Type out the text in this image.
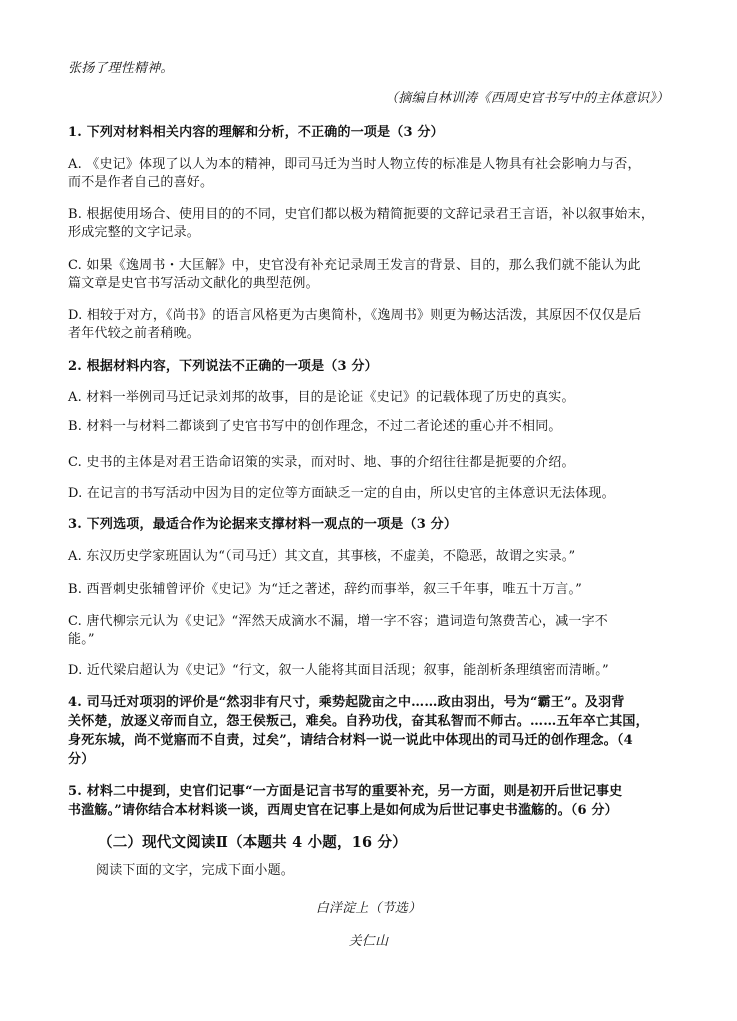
张扬了理性精神。
（摘编自林训涛《西周史官书写中的主体意识》）
1. 下列对材料相关内容的理解和分析，不正确的一项是（3 分）
A. 《史记》体现了以人为本的精神，即司马迁为当时人物立传的标准是人物具有社会影响力与否，
而不是作者自己的喜好。
B. 根据使用场合、使用目的的不同，史官们都以极为精简扼要的文辞记录君王言语，补以叙事始末，
形成完整的文字记录。
C. 如果《逸周书・大匡解》中，史官没有补充记录周王发言的背景、目的，那么我们就不能认为此
篇文章是史官书写活动文献化的典型范例。
D. 相较于对方，《尚书》的语言风格更为古奥简朴，《逸周书》则更为畅达活泼，其原因不仅仅是后
者年代较之前者稍晚。
2. 根据材料内容，下列说法不正确的一项是（3 分）
A. 材料一举例司马迁记录刘邦的故事，目的是论证《史记》的记载体现了历史的真实。
B. 材料一与材料二都谈到了史官书写中的创作理念，不过二者论述的重心并不相同。
C. 史书的主体是对君王诰命诏策的实录，而对时、地、事的介绍往往都是扼要的介绍。
D. 在记言的书写活动中因为目的定位等方面缺乏一定的自由，所以史官的主体意识无法体现。
3. 下列选项，最适合作为论据来支撑材料一观点的一项是（3 分）
A. 东汉历史学家班固认为“（司马迁）其文直，其事核，不虚美，不隐恶，故谓之实录。”
B. 西晋刺史张辅曾评价《史记》为“迁之著述，辞约而事举，叙三千年事，唯五十万言。”
C. 唐代柳宗元认为《史记》“浑然天成滴水不漏，增一字不容；遣词造句煞费苦心，减一字不
能。”
D. 近代梁启超认为《史记》“行文，叙一人能将其面目活现；叙事，能剖析条理缜密而清晰。”
4. 司马迁对项羽的评价是“然羽非有尺寸，乘势起陇亩之中……政由羽出，号为“霸王”。及羽背
关怀楚，放逐义帝而自立，怨王侯叛己，难矣。自矜功伐，奋其私智而不师古。……五年卒亡其国，
身死东城，尚不觉寤而不自责，过矣”，请结合材料一说一说此中体现出的司马迁的创作理念。（4
分）
5. 材料二中提到，史官们记事“一方面是记言书写的重要补充，另一方面，则是初开后世记事史
书滥觞。”请你结合本材料谈一谈，西周史官在记事上是如何成为后世记事史书滥觞的。（6 分）
（二）现代文阅读Ⅱ（本题共 4 小题，16 分）
阅读下面的文字，完成下面小题。
白洋淀上（节选）
关仁山
